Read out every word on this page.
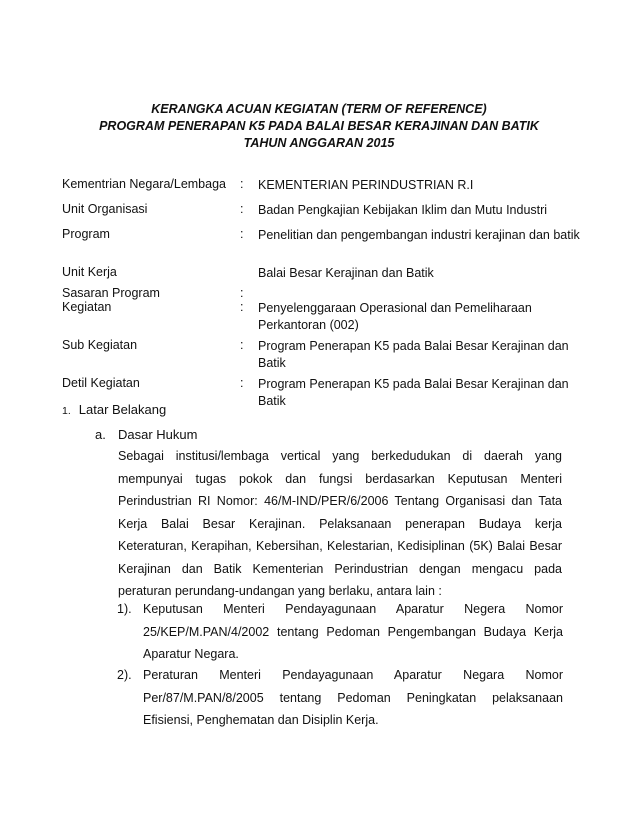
KERANGKA ACUAN KEGIATAN (TERM OF REFERENCE)
PROGRAM PENERAPAN K5 PADA BALAI BESAR KERAJINAN DAN BATIK
TAHUN ANGGARAN 2015
Kementrian Negara/Lembaga : KEMENTERIAN PERINDUSTRIAN R.I
Unit Organisasi	: Badan Pengkajian Kebijakan Iklim dan Mutu Industri
Program	: Penelitian dan pengembangan industri kerajinan dan batik
Unit Kerja	Balai Besar Kerajinan dan Batik
Sasaran Program	:
Kegiatan	: Penyelenggaraan Operasional dan Pemeliharaan Perkantoran (002)
Sub Kegiatan	: Program Penerapan K5 pada Balai Besar Kerajinan dan Batik
Detil Kegiatan	: Program Penerapan K5 pada Balai Besar Kerajinan dan Batik
1. Latar Belakang
a. Dasar Hukum
Sebagai institusi/lembaga vertical yang berkedudukan di daerah yang mempunyai tugas pokok dan fungsi berdasarkan Keputusan Menteri Perindustrian RI Nomor: 46/M-IND/PER/6/2006 Tentang Organisasi dan Tata Kerja Balai Besar Kerajinan. Pelaksanaan penerapan Budaya kerja Keteraturan, Kerapihan, Kebersihan, Kelestarian, Kedisiplinan (5K) Balai Besar Kerajinan dan Batik Kementerian Perindustrian dengan mengacu pada peraturan perundang-undangan yang berlaku, antara lain :
1). Keputusan Menteri Pendayagunaan Aparatur Negera Nomor 25/KEP/M.PAN/4/2002 tentang Pedoman Pengembangan Budaya Kerja Aparatur Negara.
2). Peraturan Menteri Pendayagunaan Aparatur Negara Nomor Per/87/M.PAN/8/2005 tentang Pedoman Peningkatan pelaksanaan Efisiensi, Penghematan dan Disiplin Kerja.
